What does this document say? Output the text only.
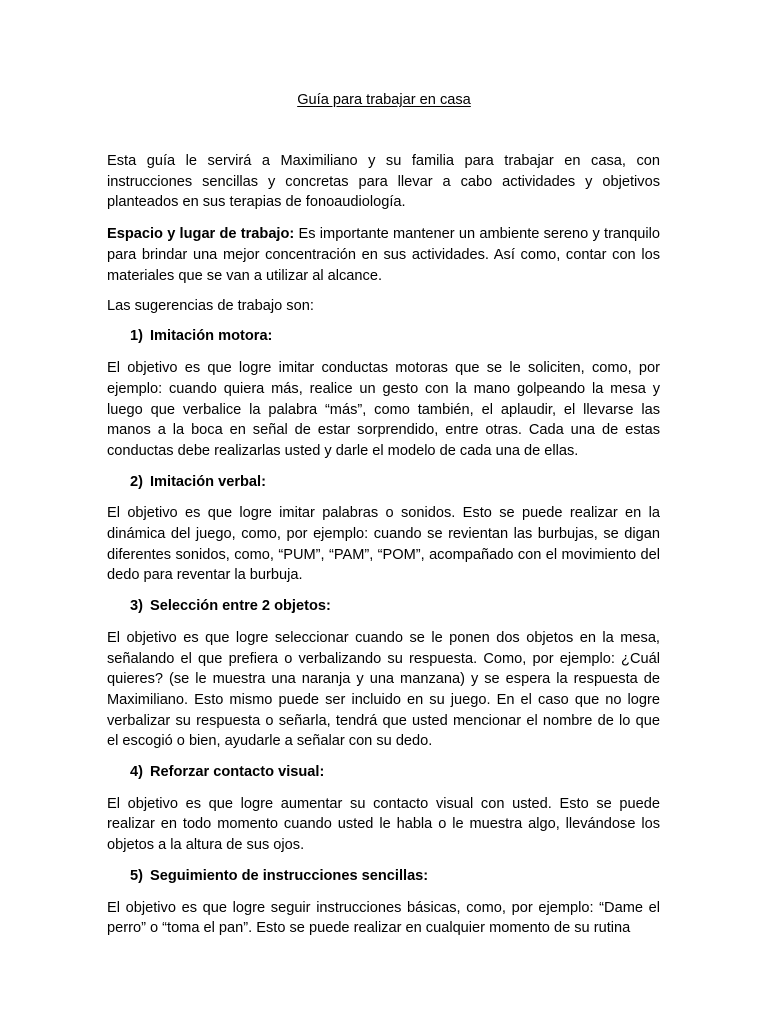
Guía para trabajar en casa

Esta guía le servirá a Maximiliano y su familia para trabajar en casa, con instrucciones sencillas y concretas para llevar a cabo actividades y objetivos planteados en sus terapias de fonoaudiología.

Espacio y lugar de trabajo: Es importante mantener un ambiente sereno y tranquilo para brindar una mejor concentración en sus actividades. Así como, contar con los materiales que se van a utilizar al alcance.

Las sugerencias de trabajo son:

1) Imitación motora:

El objetivo es que logre imitar conductas motoras que se le soliciten, como, por ejemplo: cuando quiera más, realice un gesto con la mano golpeando la mesa y luego que verbalice la palabra “más”, como también, el aplaudir, el llevarse las manos a la boca en señal de estar sorprendido, entre otras. Cada una de estas conductas debe realizarlas usted y darle el modelo de cada una de ellas.

2) Imitación verbal:

El objetivo es que logre imitar palabras o sonidos. Esto se puede realizar en la dinámica del juego, como, por ejemplo: cuando se revientan las burbujas, se digan diferentes sonidos, como, “PUM”, “PAM”, “POM”, acompañado con el movimiento del dedo para reventar la burbuja.

3) Selección entre 2 objetos:

El objetivo es que logre seleccionar cuando se le ponen dos objetos en la mesa, señalando el que prefiera o verbalizando su respuesta. Como, por ejemplo: ¿Cuál quieres? (se le muestra una naranja y una manzana) y se espera la respuesta de Maximiliano. Esto mismo puede ser incluido en su juego. En el caso que no logre verbalizar su respuesta o señarla, tendrá que usted mencionar el nombre de lo que el escogió o bien, ayudarle a señalar con su dedo.

4) Reforzar contacto visual:

El objetivo es que logre aumentar su contacto visual con usted. Esto se puede realizar en todo momento cuando usted le habla o le muestra algo, llevándose los objetos a la altura de sus ojos.

5) Seguimiento de instrucciones sencillas:

El objetivo es que logre seguir instrucciones básicas, como, por ejemplo: “Dame el perro” o “toma el pan”. Esto se puede realizar en cualquier momento de su rutina
